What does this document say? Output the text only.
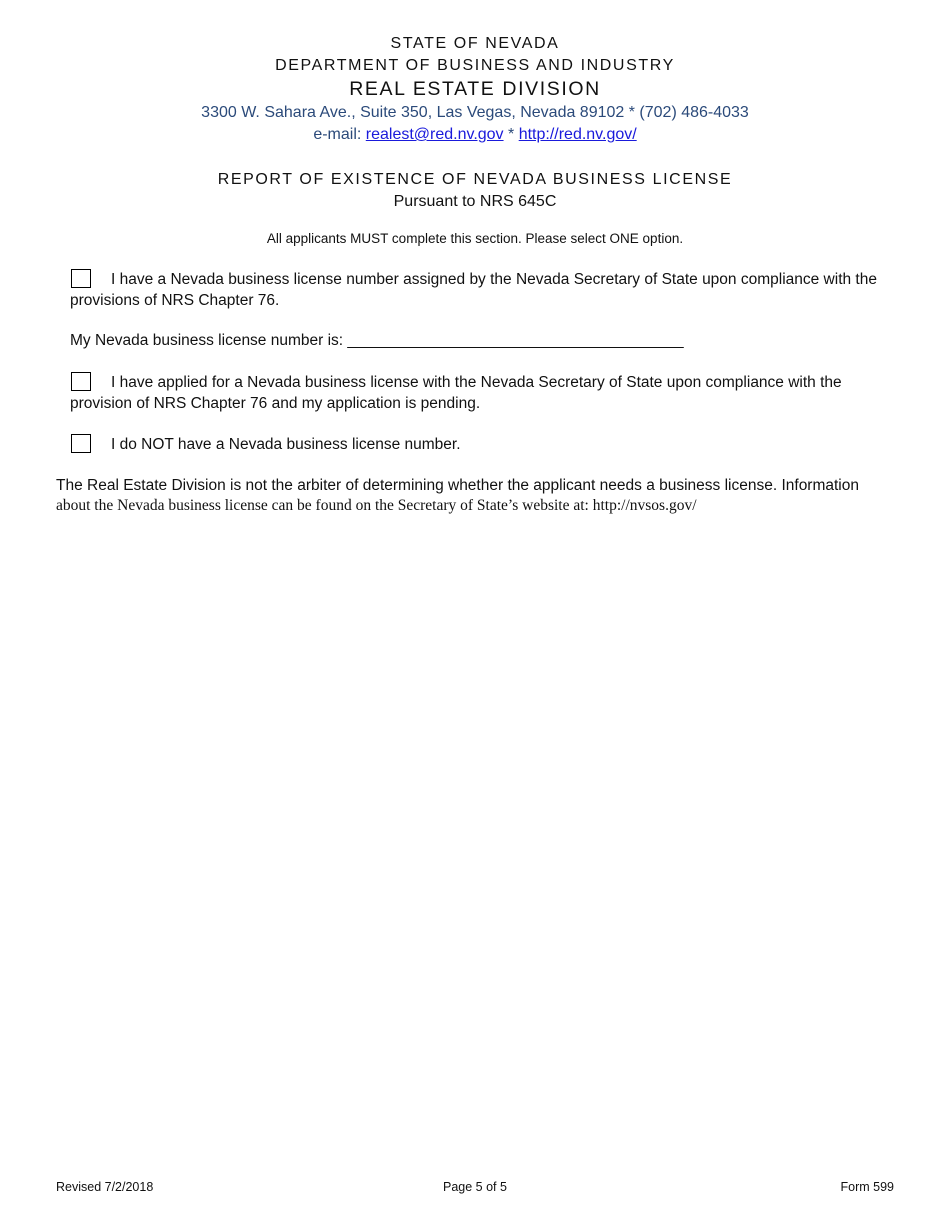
STATE OF NEVADA
DEPARTMENT OF BUSINESS AND INDUSTRY
REAL ESTATE DIVISION
3300 W. Sahara Ave., Suite 350, Las Vegas, Nevada 89102 * (702) 486-4033
e-mail: realest@red.nv.gov * http://red.nv.gov/
REPORT OF EXISTENCE OF NEVADA BUSINESS LICENSE
Pursuant to NRS 645C
All applicants MUST complete this section. Please select ONE option.
I have a Nevada business license number assigned by the Nevada Secretary of State upon compliance with the
provisions of NRS Chapter 76.
My Nevada business license number is: _______________________________________
I have applied for a Nevada business license with the Nevada Secretary of State upon compliance with the
provision of NRS Chapter 76 and my application is pending.
I do NOT have a Nevada business license number.
The Real Estate Division is not the arbiter of determining whether the applicant needs a business license. Information
about the Nevada business license can be found on the Secretary of State’s website at: http://nvsos.gov/
Revised 7/2/2018	Page 5 of 5	Form 599
